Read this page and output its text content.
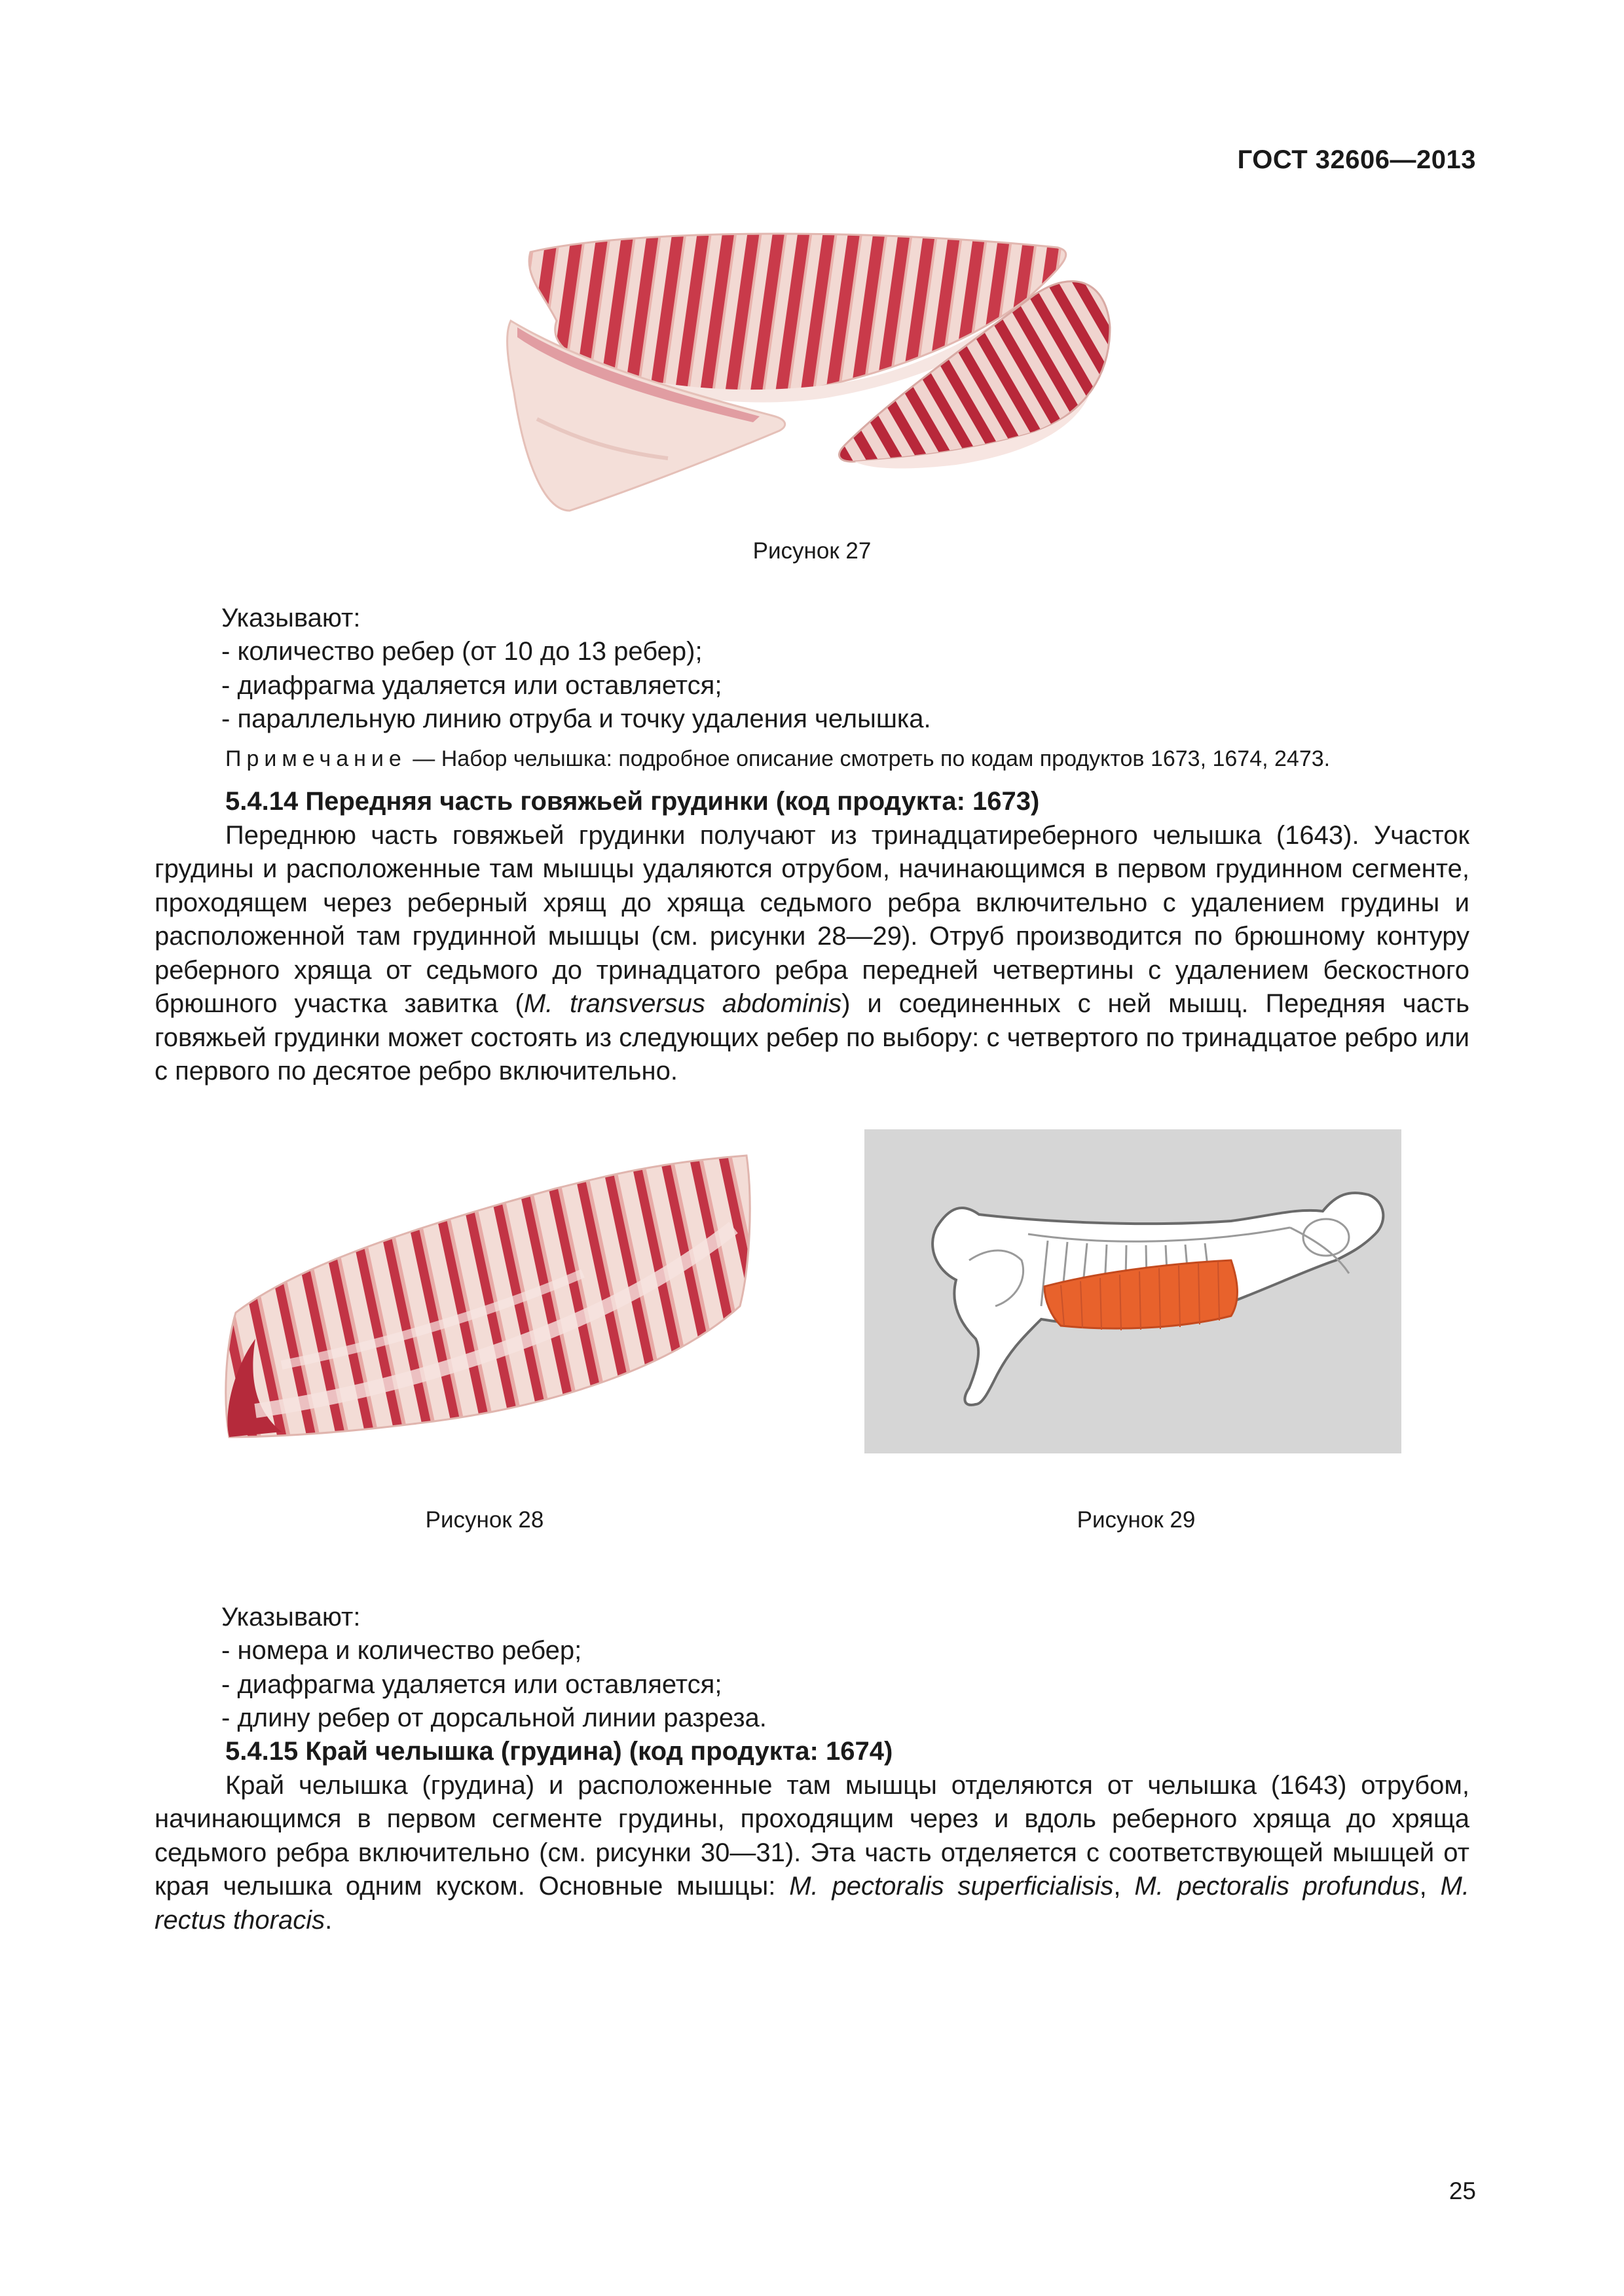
ГОСТ 32606—2013
Рисунок 27
Указывают:
- количество ребер (от 10 до 13 ребер);
- диафрагма удаляется или оставляется;
- параллельную линию отруба и точку удаления челышка.
Примечание — Набор челышка: подробное описание смотреть по кодам продуктов 1673, 1674, 2473.

5.4.14 Передняя часть говяжьей грудинки (код продукта: 1673)

Переднюю часть говяжьей грудинки получают из тринадцатиреберного челышка (1643). Участок грудины и расположенные там мышцы удаляются отрубом, начинающимся в первом грудинном сегменте, проходящем через реберный хрящ до хряща седьмого ребра включительно с удалением грудины и расположенной там грудинной мышцы (см. рисунки 28—29). Отруб производится по брюшному контуру реберного хряща от седьмого до тринадцатого ребра передней четвертины с удалением бескостного брюшного участка завитка (M. transversus abdominis) и соединенных с ней мышц. Передняя часть говяжьей грудинки может состоять из следующих ребер по выбору: с четвертого по тринадцатое ребро или с первого по десятое ребро включительно.

Рисунок 28	Рисунок 29
Указывают:
- номера и количество ребер;
- диафрагма удаляется или оставляется;
- длину ребер от дорсальной линии разреза.

5.4.15 Край челышка (грудина) (код продукта: 1674)

Край челышка (грудина) и расположенные там мышцы отделяются от челышка (1643) отрубом, начинающимся в первом сегменте грудины, проходящим через и вдоль реберного хряща до хряща седьмого ребра включительно (см. рисунки 30—31). Эта часть отделяется с соответствующей мышцей от края челышка одним куском. Основные мышцы: M. pectoralis superficialisis, M. pectoralis profundus, M. rectus thoracis.

25
